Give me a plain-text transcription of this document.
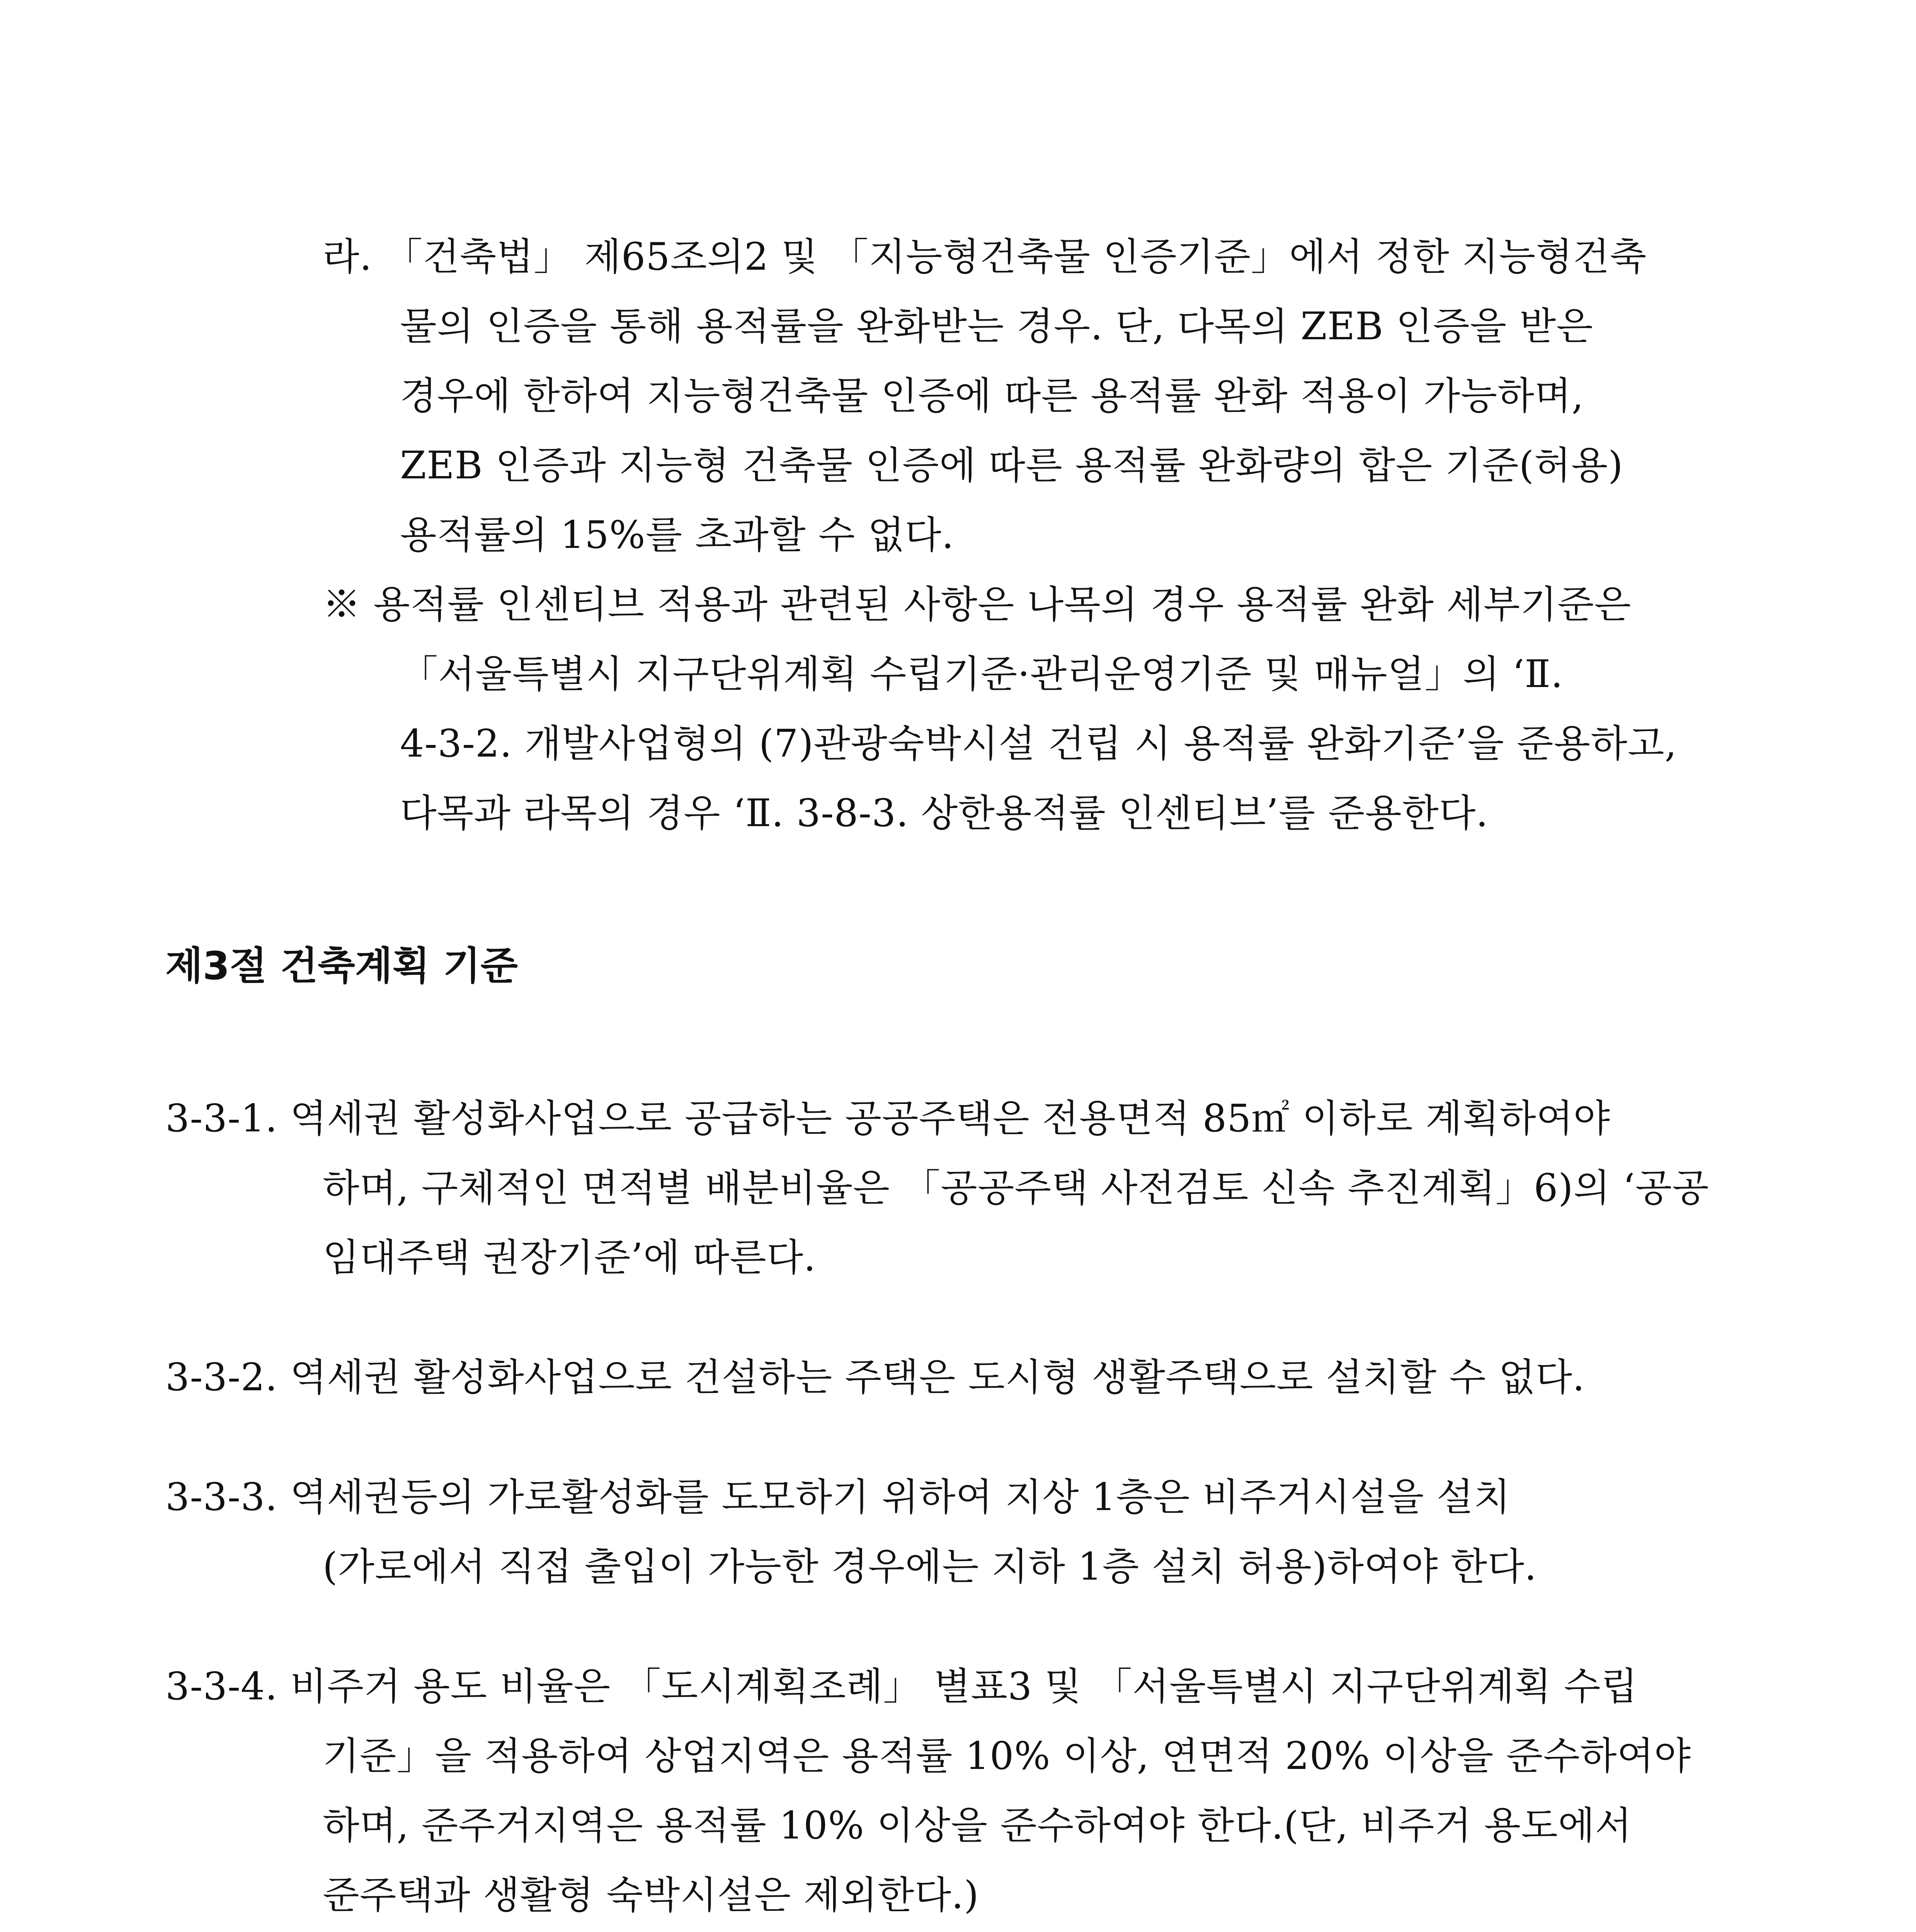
라. 「건축법」 제65조의2 및 「지능형건축물 인증기준」에서 정한 지능형건축
물의 인증을 통해 용적률을 완화받는 경우. 단, 다목의 ZEB 인증을 받은
경우에 한하여 지능형건축물 인증에 따른 용적률 완화 적용이 가능하며,
ZEB 인증과 지능형 건축물 인증에 따른 용적률 완화량의 합은 기준(허용)
용적률의 15%를 초과할 수 없다.
※ 용적률 인센티브 적용과 관련된 사항은 나목의 경우 용적률 완화 세부기준은
「서울특별시 지구단위계획 수립기준·관리운영기준 및 매뉴얼」의 ‘Ⅱ.
4-3-2. 개발사업형의 (7)관광숙박시설 건립 시 용적률 완화기준’을 준용하고,
다목과 라목의 경우 ‘Ⅱ. 3-8-3. 상한용적률 인센티브’를 준용한다.
제3절 건축계획 기준
3-3-1. 역세권 활성화사업으로 공급하는 공공주택은 전용면적 85㎡ 이하로 계획하여야
하며, 구체적인 면적별 배분비율은 「공공주택 사전검토 신속 추진계획」6)의 ‘공공
임대주택 권장기준’에 따른다.
3-3-2. 역세권 활성화사업으로 건설하는 주택은 도시형 생활주택으로 설치할 수 없다.
3-3-3. 역세권등의 가로활성화를 도모하기 위하여 지상 1층은 비주거시설을 설치
(가로에서 직접 출입이 가능한 경우에는 지하 1층 설치 허용)하여야 한다.
3-3-4. 비주거 용도 비율은 「도시계획조례」 별표3 및 「서울특별시 지구단위계획 수립
기준」을 적용하여 상업지역은 용적률 10% 이상, 연면적 20% 이상을 준수하여야
하며, 준주거지역은 용적률 10% 이상을 준수하여야 한다.(단, 비주거 용도에서
준주택과 생활형 숙박시설은 제외한다.)
